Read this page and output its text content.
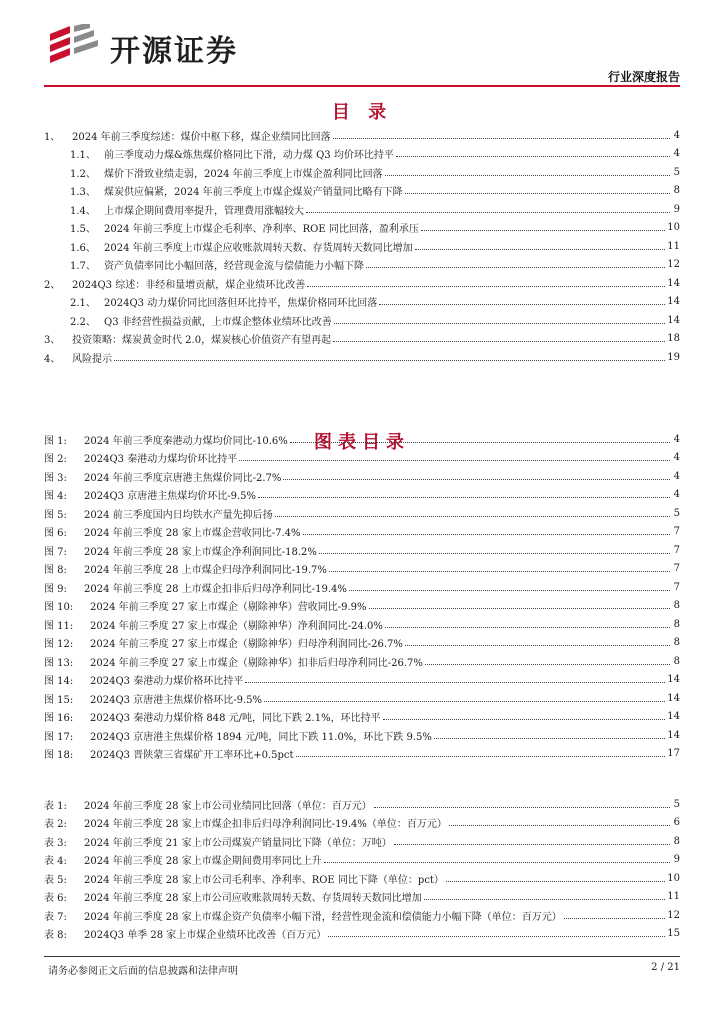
开源证券
行业深度报告
目 录
1、	2024 年前三季度综述：煤价中枢下移，煤企业绩同比回落	4
1.1、 前三季度动力煤&炼焦煤价格同比下滑，动力煤 Q3 均价环比持平	4
1.2、 煤价下滑致业绩走弱，2024 年前三季度上市煤企盈利同比回落	5
1.3、 煤炭供应偏紧，2024 年前三季度上市煤企煤炭产销量同比略有下降	8
1.4、 上市煤企期间费用率提升，管理费用涨幅较大	9
1.5、 2024 年前三季度上市煤企毛利率、净利率、ROE 同比回落，盈利承压	10
1.6、 2024 年前三季度上市煤企应收账款周转天数、存货周转天数同比增加	11
1.7、 资产负债率同比小幅回落，经营现金流与偿债能力小幅下降	12
2、	2024Q3 综述：非经和量增贡献，煤企业绩环比改善	14
2.1、 2024Q3 动力煤价同比回落但环比持平，焦煤价格同环比回落	14
2.2、 Q3 非经营性损益贡献，上市煤企整体业绩环比改善	14
3、	投资策略：煤炭黄金时代 2.0，煤炭核心价值资产有望再起	18
4、	风险提示	19
图表目录
图 1:	2024 年前三季度秦港动力煤均价同比-10.6%	4
图 2:	2024Q3 秦港动力煤均价环比持平	4
图 3:	2024 年前三季度京唐港主焦煤价同比-2.7%	4
图 4:	2024Q3 京唐港主焦煤均价环比-9.5%	4
图 5:	2024 前三季度国内日均铁水产量先抑后扬	5
图 6:	2024 年前三季度 28 家上市煤企营收同比-7.4%	7
图 7:	2024 年前三季度 28 家上市煤企净利润同比-18.2%	7
图 8:	2024 年前三季度 28 上市煤企归母净利润同比-19.7%	7
图 9:	2024 年前三季度 28 上市煤企扣非后归母净利同比-19.4%	7
图 10:	2024 年前三季度 27 家上市煤企（剔除神华）营收同比-9.9%	8
图 11:	2024 年前三季度 27 家上市煤企（剔除神华）净利润同比-24.0%	8
图 12:	2024 年前三季度 27 家上市煤企（剔除神华）归母净利润同比-26.7%	8
图 13:	2024 年前三季度 27 家上市煤企（剔除神华）扣非后归母净利同比-26.7%	8
图 14:	2024Q3 秦港动力煤价格环比持平	14
图 15:	2024Q3 京唐港主焦煤价格环比-9.5%	14
图 16:	2024Q3 秦港动力煤价格 848 元/吨，同比下跌 2.1%，环比持平	14
图 17:	2024Q3 京唐港主焦煤价格 1894 元/吨，同比下跌 11.0%，环比下跌 9.5%	14
图 18:	2024Q3 晋陕蒙三省煤矿开工率环比+0.5pct	17
表 1:	2024 年前三季度 28 家上市公司业绩同比回落（单位：百万元）	5
表 2:	2024 年前三季度 28 家上市煤企扣非后归母净利润同比-19.4%（单位：百万元）	6
表 3:	2024 年前三季度 21 家上市公司煤炭产销量同比下降（单位：万吨）	8
表 4:	2024 年前三季度 28 家上市煤企期间费用率同比上升	9
表 5:	2024 年前三季度 28 家上市公司毛利率、净利率、ROE 同比下降（单位：pct）	10
表 6:	2024 年前三季度 28 家上市公司应收账款周转天数、存货周转天数同比增加	11
表 7:	2024 年前三季度 28 家上市煤企资产负债率小幅下滑，经营性现金流和偿债能力小幅下降（单位：百万元）	12
表 8:	2024Q3 单季 28 家上市煤企业绩环比改善（百万元）	15
请务必参阅正文后面的信息披露和法律声明	2 / 21
